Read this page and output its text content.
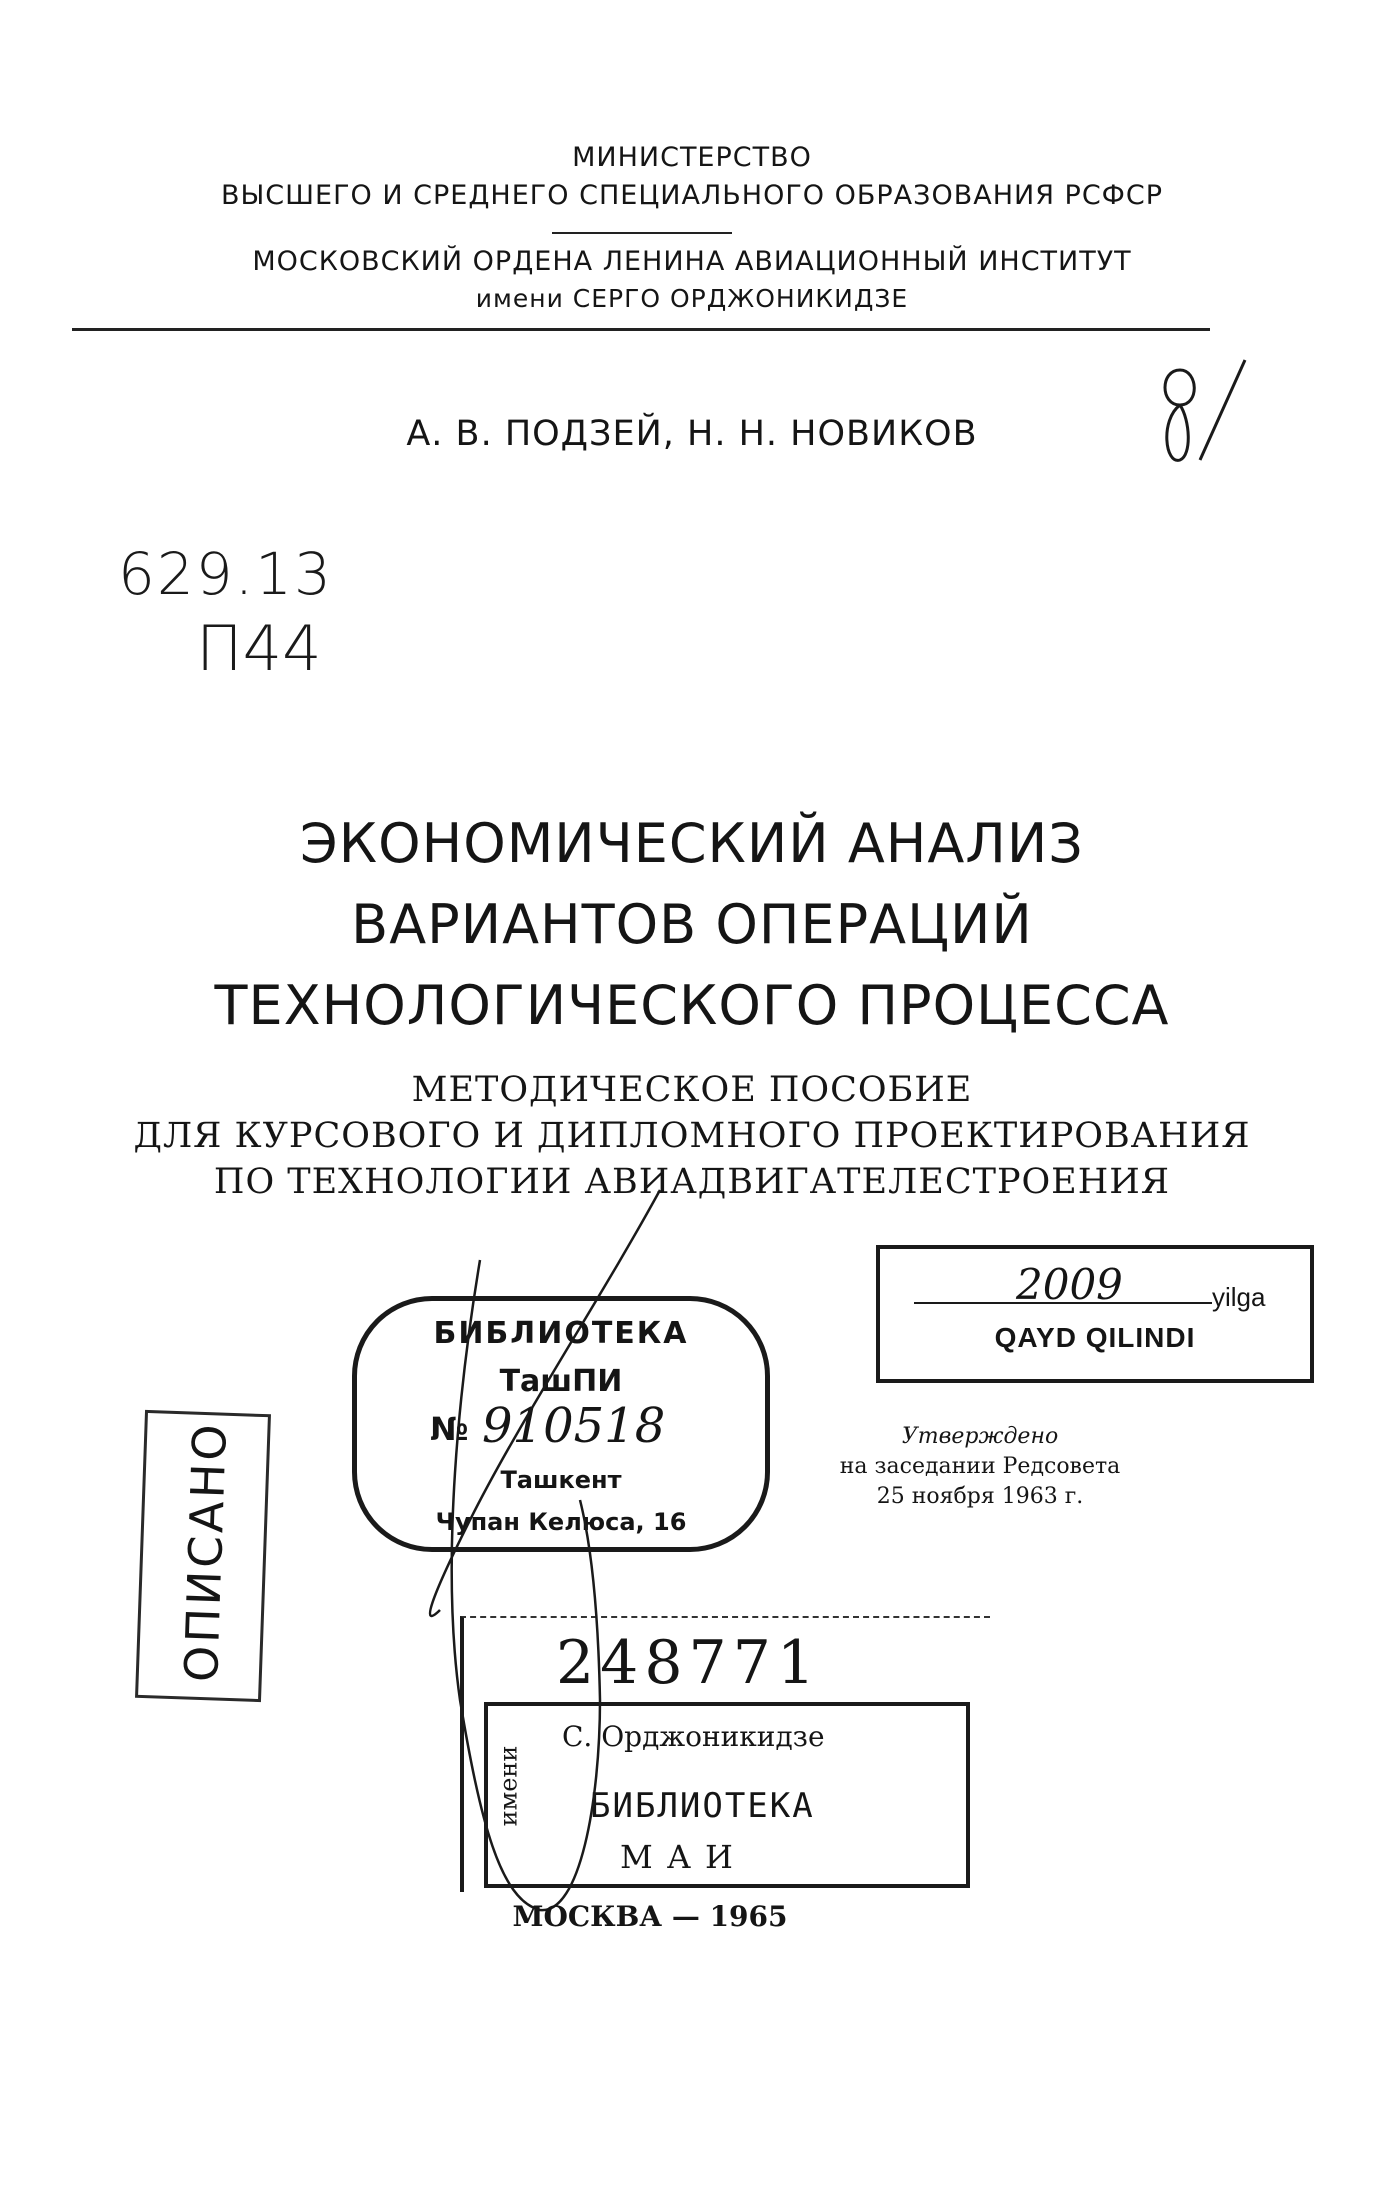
МИНИСТЕРСТВО
ВЫСШЕГО И СРЕДНЕГО СПЕЦИАЛЬНОГО ОБРАЗОВАНИЯ РСФСР
МОСКОВСКИЙ ОРДЕНА ЛЕНИНА АВИАЦИОННЫЙ ИНСТИТУТ
имени СЕРГО ОРДЖОНИКИДЗЕ
А. В. ПОДЗЕЙ, Н. Н. НОВИКОВ
629.13
П44
ЭКОНОМИЧЕСКИЙ АНАЛИЗ
ВАРИАНТОВ ОПЕРАЦИЙ
ТЕХНОЛОГИЧЕСКОГО ПРОЦЕССА
МЕТОДИЧЕСКОЕ ПОСОБИЕ
ДЛЯ КУРСОВОГО И ДИПЛОМНОГО ПРОЕКТИРОВАНИЯ
ПО ТЕХНОЛОГИИ АВИАДВИГАТЕЛЕСТРОЕНИЯ
2009	yilga
QAYD QILINDI
БИБЛИОТЕКА
ТашПИ
№ 910518
Ташкент
Чупан Келюса, 16
Утверждено
на заседании Редсовета
25 ноября 1963 г.
ОПИСАНО	248771
С. Орджоникидзе
имени БИБЛИОТЕКА
МАИ
МОСКВА — 1965
